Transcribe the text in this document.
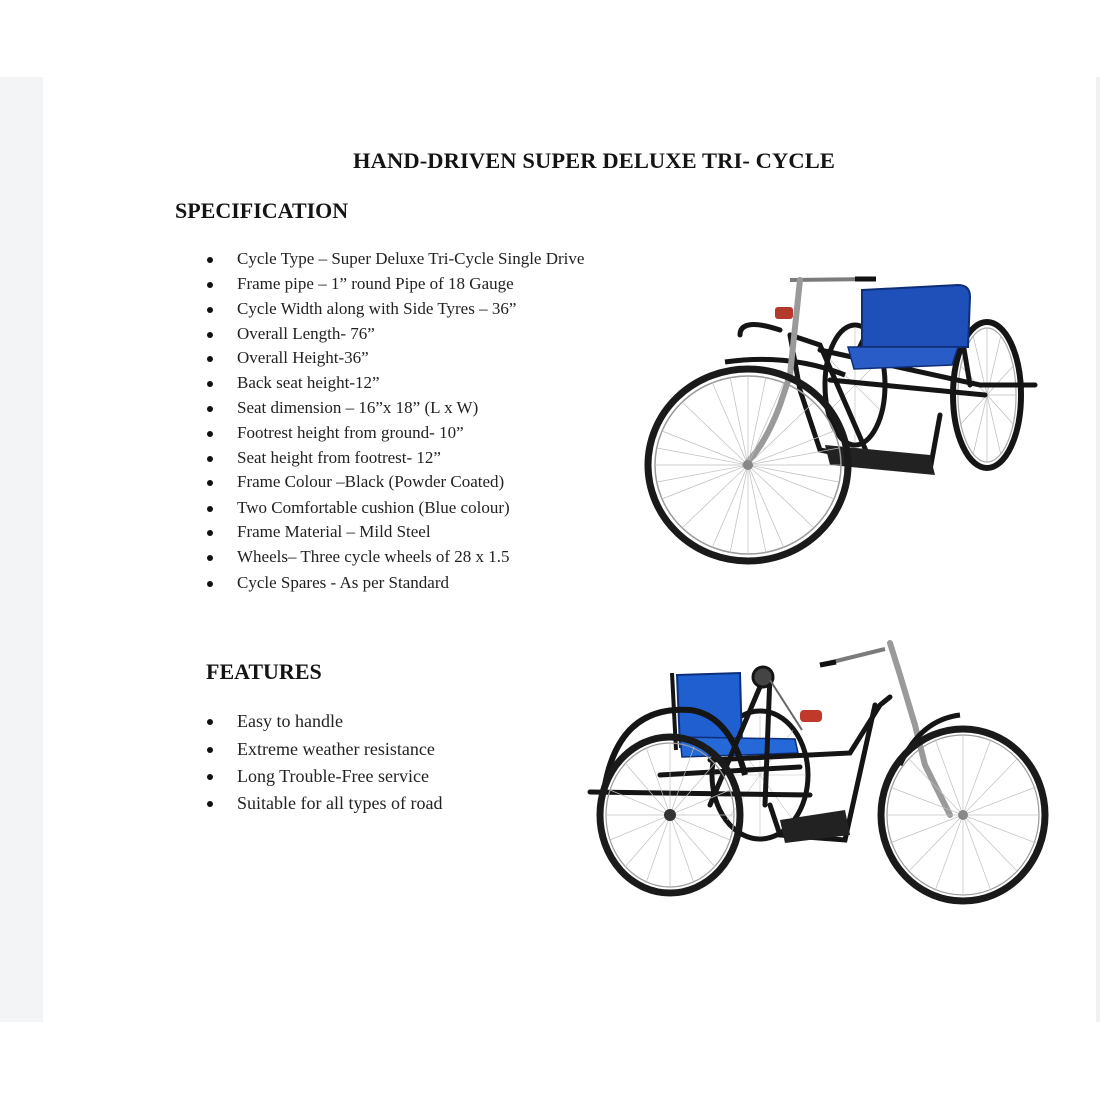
HAND-DRIVEN SUPER DELUXE TRI- CYCLE
SPECIFICATION
Cycle Type – Super Deluxe Tri-Cycle Single Drive
Frame pipe – 1” round Pipe of 18 Gauge
Cycle Width along with Side Tyres – 36”
Overall Length- 76”
Overall Height-36”
Back seat height-12”
Seat dimension – 16”x 18” (L x W)
Footrest height from ground- 10”
Seat height from footrest- 12”
Frame Colour –Black (Powder Coated)
Two Comfortable cushion (Blue colour)
Frame Material – Mild Steel
Wheels– Three cycle wheels of 28 x 1.5
Cycle Spares - As per Standard
FEATURES
Easy to handle
Extreme weather resistance
Long Trouble-Free service
Suitable for all types of road
